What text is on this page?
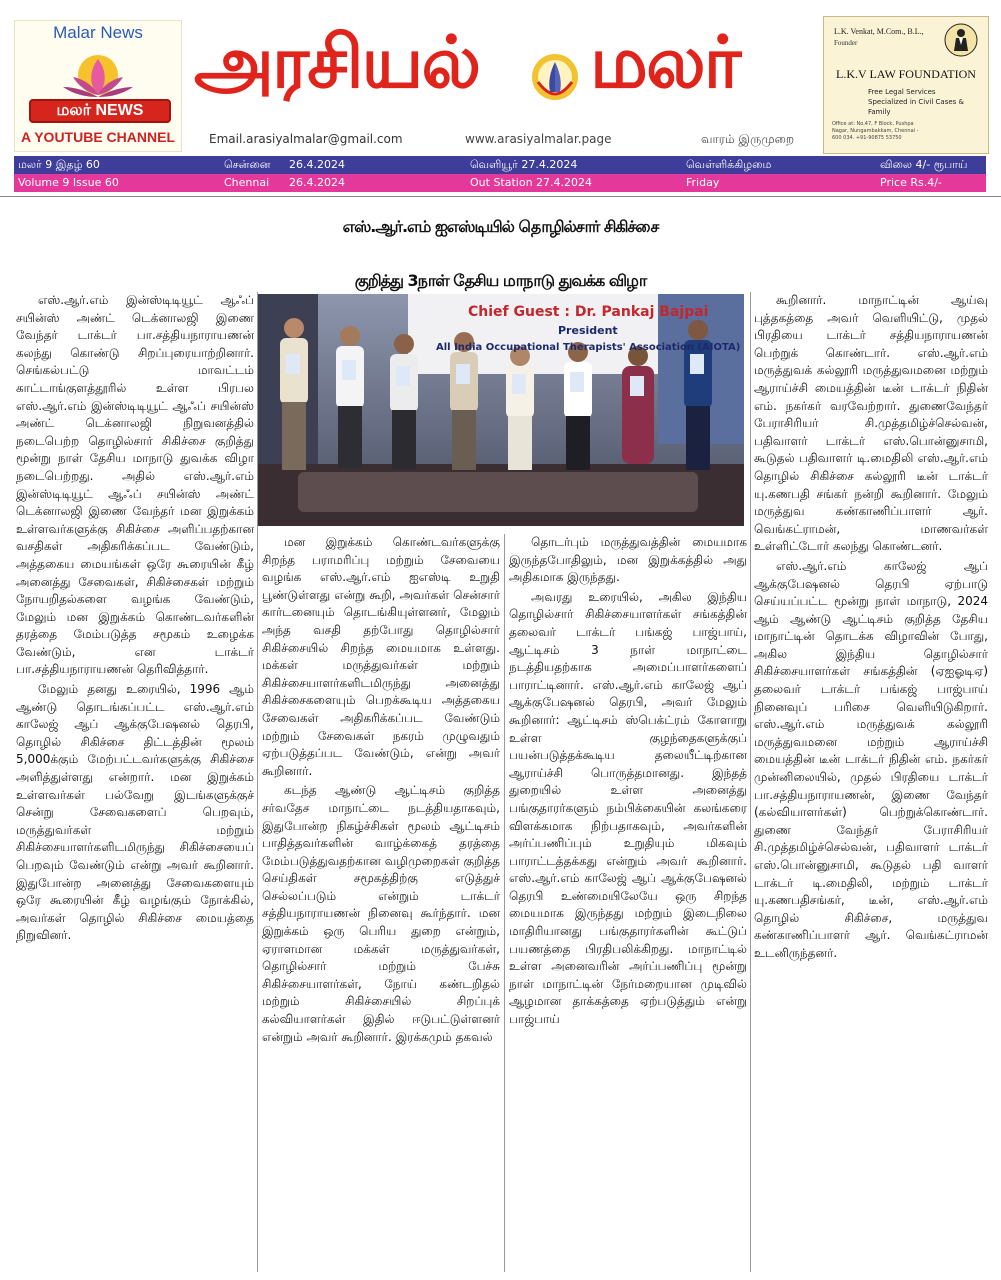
Malar News
மலர் NEWS
A YOUTUBE CHANNEL
அரசியல் மலர்
Email.arasiyalmalar@gmail.com	www.arasiyalmalar.page	வாரம் இருமுறை
L.K. Venkat, M.Com., B.L.,
Founder
L.K.V LAW FOUNDATION
Free Legal Services
Specialized in Civil Cases & Family
Office at: No.47, F Block, Pushpa Nagar, Nungambakkam, Chennai - 600 034. +91-90875 53750
மலர் 9 இதழ் 60	சென்னை 26.4.2024	வெளியூர் 27.4.2024	வெள்ளிக்கிழமை	விலை 4/- ரூபாய்
Volume 9 Issue 60	Chennai 26.4.2024	Out Station 27.4.2024	Friday	Price Rs.4/-
எஸ்.ஆர்.எம் ஐஎஸ்டியில் தொழில்சார் சிகிச்சை
குறித்து 3நாள் தேசிய மாநாடு துவக்க விழா
Chief Guest : Dr. Pankaj Bajpai
President
All India Occupational Therapists' Association (AIOTA)

எஸ்.ஆர்.எம் இன்ஸ்டிடியூட் ஆஃப் சயின்ஸ் அண்ட் டெக்னாலஜி இணை வேந்தர் டாக்டர் பா.சத்தியநாராயணன் கலந்து கொண்டு சிறப்புரையாற்றினார். செங்கல்பட்டு மாவட்டம் காட்டாங்குளத்தூரில் உள்ள பிரபல எஸ்.ஆர்.எம் இன்ஸ்டிடியூட் ஆஃப் சயின்ஸ் அண்ட் டெக்னாலஜி நிறுவனத்தில் நடைபெற்ற தொழில்சார் சிகிச்சை குறித்து மூன்று நாள் தேசிய மாநாடு துவக்க விழா நடைபெற்றது. அதில் எஸ்.ஆர்.எம் இன்ஸ்டிடியூட் ஆஃப் சயின்ஸ் அண்ட் டெக்னாலஜி இணை வேந்தர் மன இறுக்கம் உள்ளவர்களுக்கு சிகிச்சை அளிப்பதற்கான வசதிகள் அதிகரிக்கப்பட வேண்டும், அத்தகைய மையங்கள் ஒரே கூரையின் கீழ் அனைத்து சேவைகள், சிகிச்சைகள் மற்றும் நோயறிதல்களை வழங்க வேண்டும், மேலும் மன இறுக்கம் கொண்டவர்களின் தரத்தை மேம்படுத்த சமூகம் உழைக்க வேண்டும், என டாக்டர் பா.சத்தியநாராயணன் தெரிவித்தார்.

மேலும் தனது உரையில், 1996 ஆம் ஆண்டு தொடங்கப்பட்ட எஸ்.ஆர்.எம் காலேஜ் ஆப் ஆக்குபேஷனல் தெரபி, தொழில் சிகிச்சை திட்டத்தின் மூலம் 5,000க்கும் மேற்பட்டவர்களுக்கு சிகிச்சை அளித்துள்ளது என்றார். மன இறுக்கம் உள்ளவர்கள் பல்வேறு இடங்களுக்குச் சென்று சேவைகளைப் பெறவும், மருத்துவர்கள் மற்றும் சிகிச்சையாளர்களிடமிருந்து சிகிச்சையைப் பெறவும் வேண்டும் என்று அவர் கூறினார். இதுபோன்ற அனைத்து சேவைகளையும் ஒரே கூரையின் கீழ் வழங்கும் நோக்கில், அவர்கள் தொழில் சிகிச்சை மையத்தை நிறுவினர்.

மன இறுக்கம் கொண்டவர்களுக்கு சிறந்த பராமரிப்பு மற்றும் சேவையை வழங்க எஸ்.ஆர்.எம் ஐஎஸ்டி உறுதி பூண்டுள்ளது என்று கூறி, அவர்கள் சென்சார் கார்டனையும் தொடங்கியுள்ளனர், மேலும் அந்த வசதி தற்போது தொழில்சார் சிகிச்சையில் சிறந்த மையமாக உள்ளது. மக்கள் மருத்துவர்கள் மற்றும் சிகிச்சையாளர்களிடமிருந்து அனைத்து சிகிச்சைகளையும் பெறக்கூடிய அத்தகைய சேவைகள் அதிகரிக்கப்பட வேண்டும் மற்றும் சேவைகள் நகரம் முழுவதும் ஏற்படுத்தப்பட வேண்டும், என்று அவர் கூறினார்.

கடந்த ஆண்டு ஆட்டிசம் குறித்த சர்வதேச மாநாட்டை நடத்தியதாகவும், இதுபோன்ற நிகழ்ச்சிகள் மூலம் ஆட்டிசம் பாதித்தவர்களின் வாழ்க்கைத் தரத்தை மேம்படுத்துவதற்கான வழிமுறைகள் குறித்த செய்திகள் சமூகத்திற்கு எடுத்துச் செல்லப்படும் என்றும் டாக்டர் சத்தியநாராயணன் நினைவு கூர்ந்தார். மன இறுக்கம் ஒரு பெரிய துறை என்றும், ஏராளமான மக்கள் மருத்துவர்கள், தொழில்சார் மற்றும் பேச்சு சிகிச்சையாளர்கள், நோய் கண்டறிதல் மற்றும் சிகிச்சையில் சிறப்புக் கல்வியாளர்கள் இதில் ஈடுபட்டுள்ளனர் என்றும் அவர் கூறினார். இரக்கமும் தகவல்

தொடர்பும் மருத்துவத்தின் மையமாக இருந்தபோதிலும், மன இறுக்கத்தில் அது அதிகமாக இருந்தது.

அவரது உரையில், அகில இந்திய தொழில்சார் சிகிச்சையாளர்கள் சங்கத்தின் தலைவர் டாக்டர் பங்கஜ் பாஜ்பாய், ஆட்டிசம் 3 நாள் மாநாட்டை நடத்தியதற்காக அமைப்பாளர்களைப் பாராட்டினார். எஸ்.ஆர்.எம் காலேஜ் ஆப் ஆக்குபேஷனல் தெரபி, அவர் மேலும் கூறினார்: ஆட்டிசம் ஸ்பெக்ட்ரம் கோளாறு உள்ள குழந்தைகளுக்குப் பயன்படுத்தக்கூடிய தலையீட்டிற்கான ஆராய்ச்சி பொருத்தமானது. இந்தத் துறையில் உள்ள அனைத்து பங்குதாரர்களும் நம்பிக்கையின் கலங்கரை விளக்கமாக நிற்பதாகவும், அவர்களின் அர்ப்பணிப்பும் உறுதியும் மிகவும் பாராட்டத்தக்கது என்றும் அவர் கூறினார். எஸ்.ஆர்.எம் காலேஜ் ஆப் ஆக்குபேஷனல் தெரபி உண்மையிலேயே ஒரு சிறந்த மையமாக இருந்தது மற்றும் இடைநிலை மாதிரியானது பங்குதாரர்களின் கூட்டுப் பயணத்தை பிரதிபலிக்கிறது. மாநாட்டில் உள்ள அனைவரின் அர்ப்பணிப்பு மூன்று நாள் மாநாட்டின் நேர்மறையான முடிவில் ஆழமான தாக்கத்தை ஏற்படுத்தும் என்று பாஜ்பாய்

கூறினார். மாநாட்டின் ஆய்வு புத்தகத்தை அவர் வெளியிட்டு, முதல் பிரதியை டாக்டர் சத்தியநாராயணன் பெற்றுக் கொண்டார். எஸ்.ஆர்.எம் மருத்துவக் கல்லூரி மருத்துவமனை மற்றும் ஆராய்ச்சி மையத்தின் டீன் டாக்டர் நிதின் எம். நகர்கர் வரவேற்றார். துணைவேந்தர் பேராசிரியர் சி.முத்தமிழ்ச்செல்வன், பதிவாளர் டாக்டர் எஸ்.பொன்னுசாமி, கூடுதல் பதிவாளர் டி.மைதிலி எஸ்.ஆர்.எம் தொழில் சிகிச்சை கல்லூரி டீன் டாக்டர் யு.கணபதி சங்கர் நன்றி கூறினார். மேலும் மருத்துவ கண்காணிப்பாளர் ஆர். வெங்கட்ராமன், மாணவர்கள் உள்ளிட்டோர் கலந்து கொண்டனர்.

எஸ்.ஆர்.எம் காலேஜ் ஆப் ஆக்குபேஷனல் தெரபி ஏற்பாடு செய்யப்பட்ட மூன்று நாள் மாநாடு, 2024 ஆம் ஆண்டு ஆட்டிசம் குறித்த தேசிய மாநாட்டின் தொடக்க விழாவின் போது, அகில இந்திய தொழில்சார் சிகிச்சையாளர்கள் சங்கத்தின் (ஏஐஓடிஏ) தலைவர் டாக்டர் பங்கஜ் பாஜ்பாய் நினைவுப் பரிசை வெளியிடுகிறார். எஸ்.ஆர்.எம் மருத்துவக் கல்லூரி மருத்துவமனை மற்றும் ஆராய்ச்சி மையத்தின் டீன் டாக்டர் நிதின் எம். நகர்கர் முன்னிலையில், முதல் பிரதியை டாக்டர் பா.சத்தியநாராயணன், இணை வேந்தர் (கல்வியாளர்கள்) பெற்றுக்கொண்டார். துணை வேந்தர் பேராசிரியர் சி.முத்தமிழ்ச்செல்வன், பதிவாளர் டாக்டர் எஸ்.பொன்னுசாமி, கூடுதல் பதி வாளர் டாக்டர் டி.மைதிலி, மற்றும் டாக்டர் யு.கணபதிசங்கர், டீன், எஸ்.ஆர்.எம் தொழில் சிகிச்சை, மருத்துவ கண்காணிப்பாளர் ஆர். வெங்கட்ராமன் உடனிருந்தனர்.
